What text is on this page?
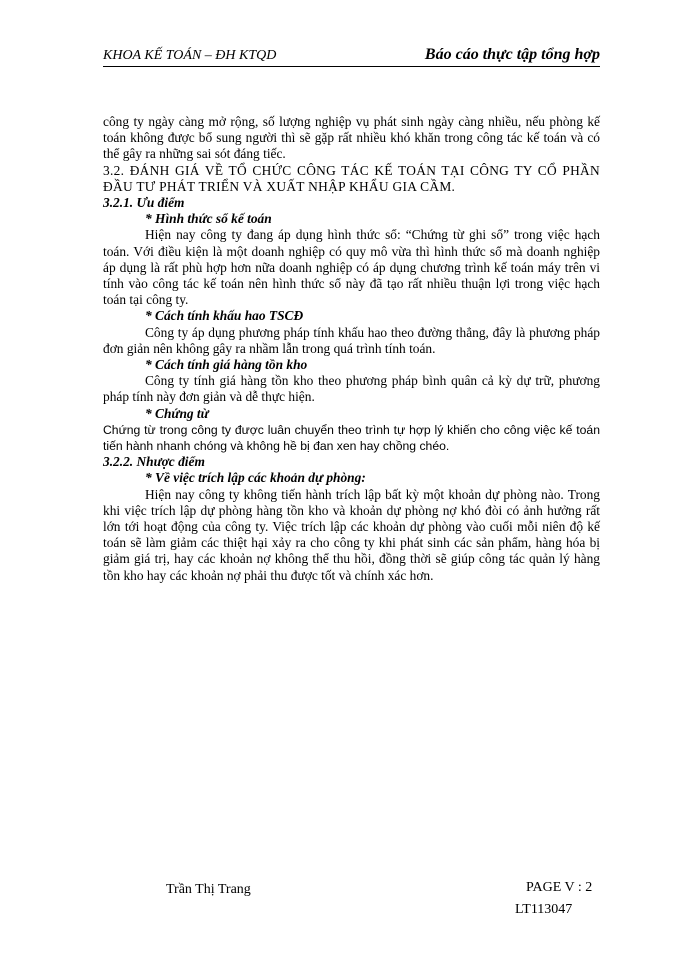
KHOA KẾ TOÁN – ĐH KTQD	Báo cáo thực tập tổng hợp

công ty ngày càng mở rộng, số lượng nghiệp vụ phát sinh ngày càng nhiều, nếu phòng kế toán không được bổ sung người thì sẽ gặp rất nhiều khó khăn trong công tác kế toán và có thể gây ra những sai sót đáng tiếc.

3.2. ĐÁNH GIÁ VỀ TỔ CHỨC CÔNG TÁC KẾ TOÁN TẠI CÔNG TY CỔ PHẦN ĐẦU TƯ PHÁT TRIỂN VÀ XUẤT NHẬP KHẨU GIA CẦM.

3.2.1. Ưu điểm

* Hình thức sổ kế toán

Hiện nay công ty đang áp dụng hình thức sổ: “Chứng từ ghi sổ” trong việc hạch toán. Với điều kiện là một doanh nghiệp có quy mô vừa thì hình thức sổ mà doanh nghiệp áp dụng là rất phù hợp hơn nữa doanh nghiệp có áp dụng chương trình kế toán máy trên vi tính vào công tác kế toán nên hình thức sổ này đã tạo rất nhiều thuận lợi trong việc hạch toán tại công ty.

* Cách tính khấu hao TSCĐ

Công ty áp dụng phương pháp tính khấu hao theo đường thẳng, đây là phương pháp đơn giản nên không gây ra nhầm lẫn trong quá trình tính toán.

* Cách tính giá hàng tồn kho

Công ty tính giá hàng tồn kho theo phương pháp bình quân cả kỳ dự trữ, phương pháp tính này đơn giản và dễ thực hiện.

* Chứng từ

Chứng từ trong công ty được luân chuyển theo trình tự hợp lý khiến cho công việc kế toán tiến hành nhanh chóng và không hề bị đan xen hay chồng chéo.

3.2.2. Nhược điểm

* Về việc trích lập các khoản dự phòng:

Hiện nay công ty không tiến hành trích lập bất kỳ một khoản dự phòng nào. Trong khi việc trích lập dự phòng hàng tồn kho và khoản dự phòng nợ khó đòi có ảnh hưởng rất lớn tới hoạt động của công ty. Việc trích lập các khoản dự phòng vào cuối mỗi niên độ kế toán sẽ làm giảm các thiệt hại xảy ra cho công ty khi phát sinh các sản phẩm, hàng hóa bị giảm giá trị, hay các khoản nợ không thể thu hồi, đồng thời sẽ giúp công tác quản lý hàng tồn kho hay các khoản nợ phải thu được tốt và chính xác hơn.

Trần Thị Trang	PAGE V : 2
LT113047
